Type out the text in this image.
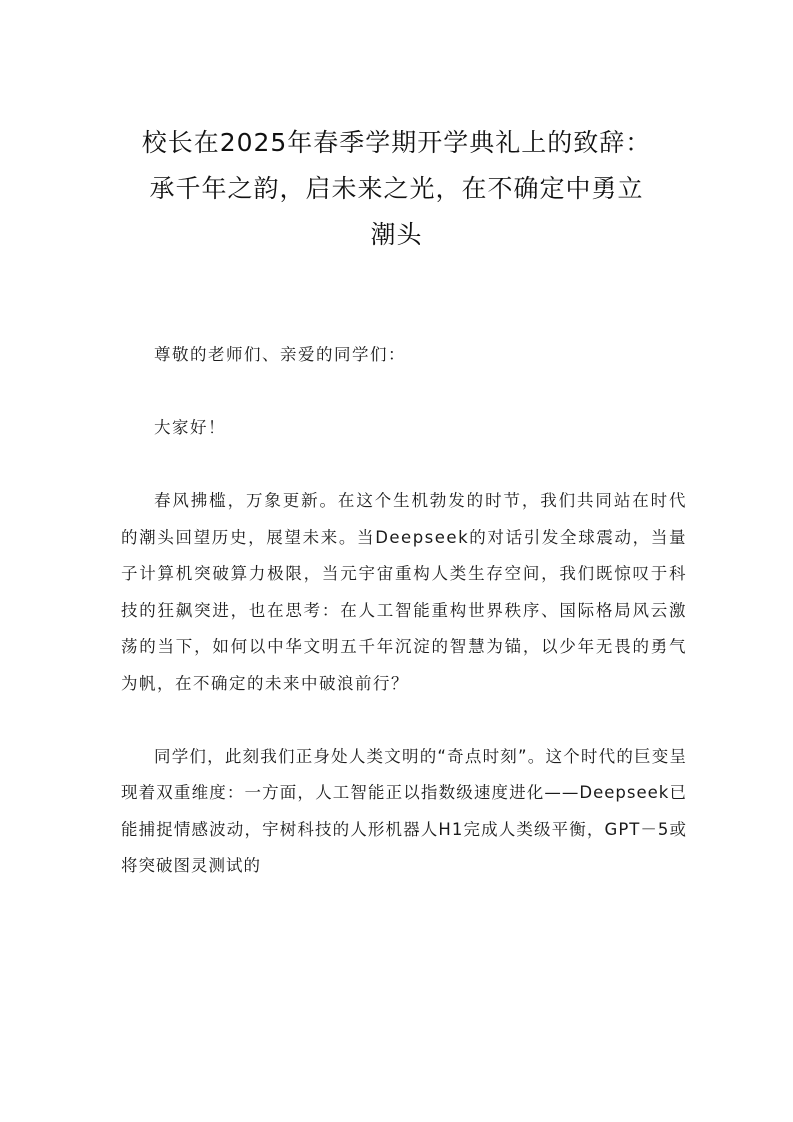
校长在2025年春季学期开学典礼上的致辞：
承千年之韵，启未来之光，在不确定中勇立
潮头

尊敬的老师们、亲爱的同学们：

大家好！

春风拂槛，万象更新。在这个生机勃发的时节，我们共同站在时代的潮头回望历史，展望未来。当Deepseek的对话引发全球震动，当量子计算机突破算力极限，当元宇宙重构人类生存空间，我们既惊叹于科技的狂飙突进，也在思考：在人工智能重构世界秩序、国际格局风云激荡的当下，如何以中华文明五千年沉淀的智慧为锚，以少年无畏的勇气为帆，在不确定的未来中破浪前行？

同学们，此刻我们正身处人类文明的“奇点时刻”。这个时代的巨变呈现着双重维度：一方面，人工智能正以指数级速度进化——Deepseek已能捕捉情感波动，宇树科技的人形机器人H1完成人类级平衡，GPT－5或将突破图灵测试的
